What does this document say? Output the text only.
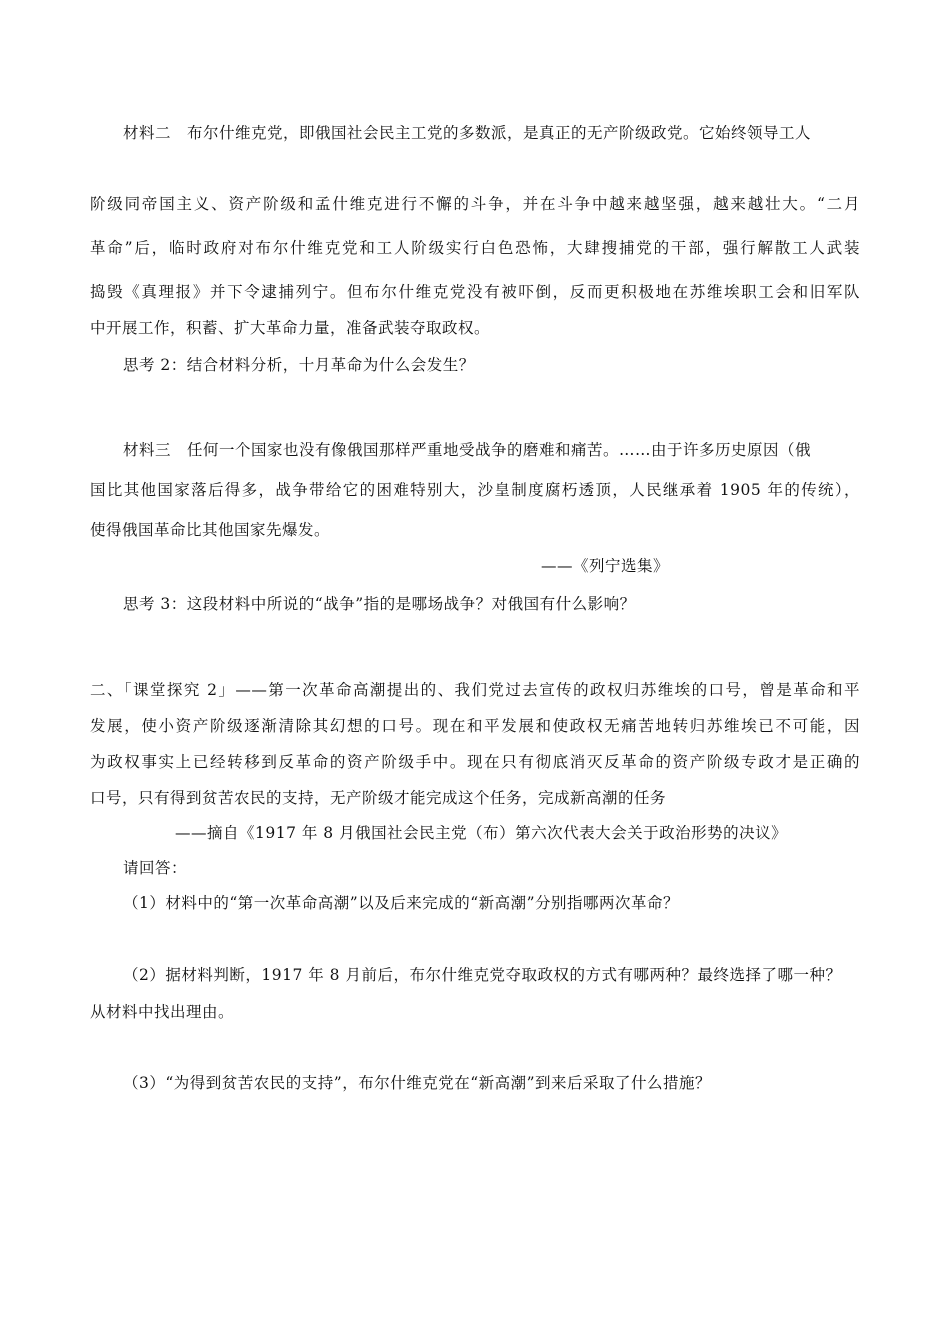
材料二　布尔什维克党，即俄国社会民主工党的多数派，是真正的无产阶级政党。它始终领导工人
阶级同帝国主义、资产阶级和孟什维克进行不懈的斗争，并在斗争中越来越坚强，越来越壮大。“二月
革命”后，临时政府对布尔什维克党和工人阶级实行白色恐怖，大肆搜捕党的干部，强行解散工人武装
捣毁《真理报》并下令逮捕列宁。但布尔什维克党没有被吓倒，反而更积极地在苏维埃职工会和旧军队
中开展工作，积蓄、扩大革命力量，准备武装夺取政权。
思考 2：结合材料分析，十月革命为什么会发生？
材料三　任何一个国家也没有像俄国那样严重地受战争的磨难和痛苦。……由于许多历史原因（俄
国比其他国家落后得多，战争带给它的困难特别大，沙皇制度腐朽透顶，人民继承着 1905 年的传统），
使得俄国革命比其他国家先爆发。
——《列宁选集》
思考 3：这段材料中所说的“战争”指的是哪场战争？对俄国有什么影响？
二、「课堂探究 2」——第一次革命高潮提出的、我们党过去宣传的政权归苏维埃的口号，曾是革命和平
发展，使小资产阶级逐渐清除其幻想的口号。现在和平发展和使政权无痛苦地转归苏维埃已不可能，因
为政权事实上已经转移到反革命的资产阶级手中。现在只有彻底消灭反革命的资产阶级专政才是正确的
口号，只有得到贫苦农民的支持，无产阶级才能完成这个任务，完成新高潮的任务
——摘自《1917 年 8 月俄国社会民主党（布）第六次代表大会关于政治形势的决议》
请回答：
（1）材料中的“第一次革命高潮”以及后来完成的“新高潮”分别指哪两次革命？
（2）据材料判断，1917 年 8 月前后，布尔什维克党夺取政权的方式有哪两种？最终选择了哪一种？
从材料中找出理由。
（3）“为得到贫苦农民的支持”，布尔什维克党在“新高潮”到来后采取了什么措施？
